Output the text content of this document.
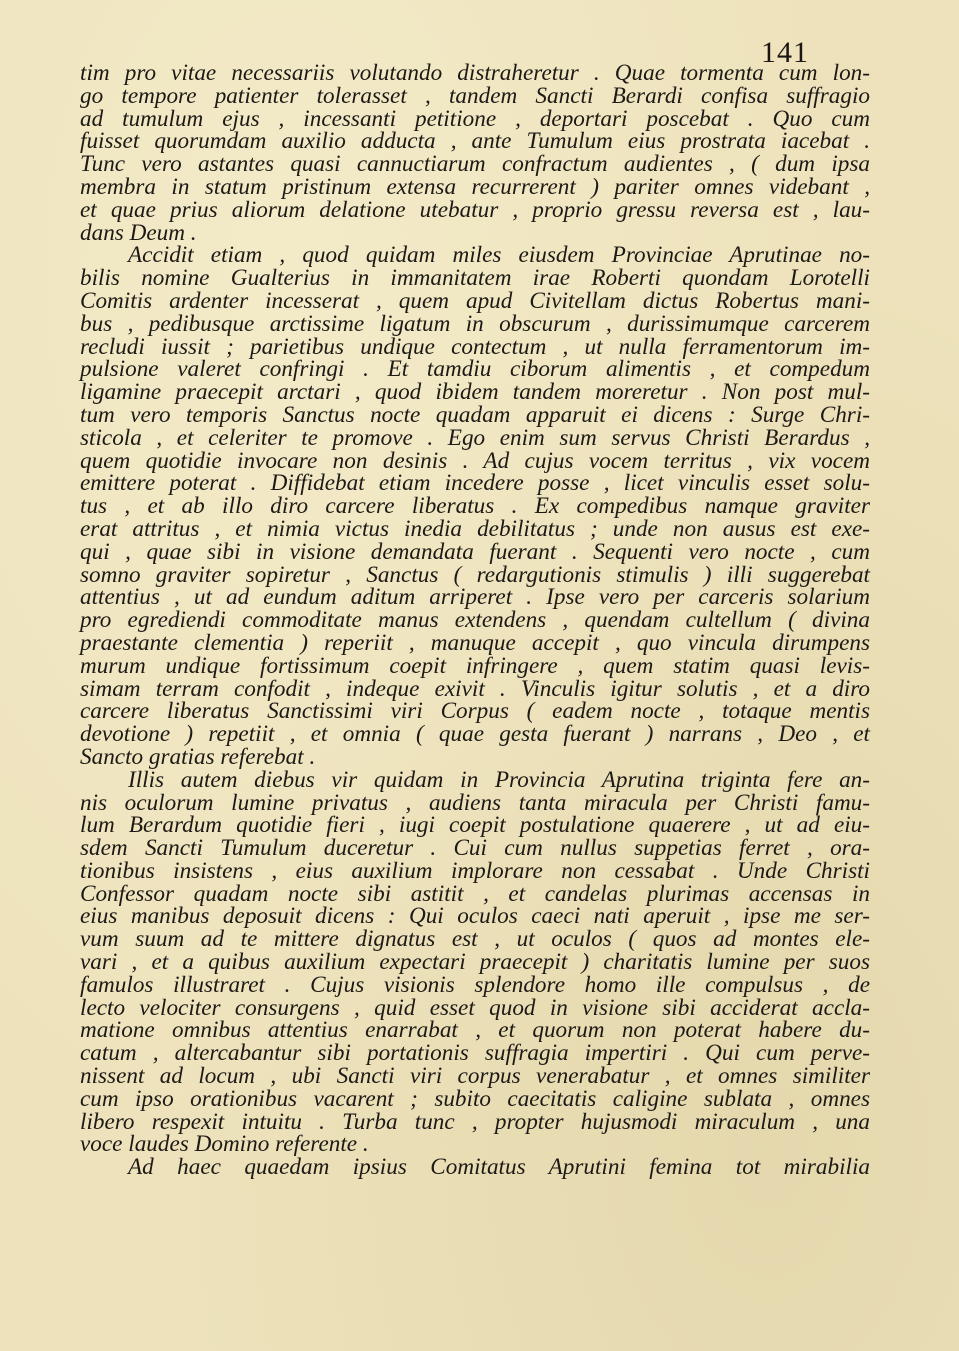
141
tim pro vitae necessariis volutando distraheretur . Quae tormenta cum lon-
go tempore patienter tolerasset , tandem Sancti Berardi confisa suffragio
ad tumulum ejus , incessanti petitione , deportari poscebat . Quo cum
fuisset quorumdam auxilio adducta , ante Tumulum eius prostrata iacebat .
Tunc vero astantes quasi cannuctiarum confractum audientes , ( dum ipsa
membra in statum pristinum extensa recurrerent ) pariter omnes videbant ,
et quae prius aliorum delatione utebatur , proprio gressu reversa est , lau-
dans Deum .
Accidit etiam , quod quidam miles eiusdem Provinciae Aprutinae no-
bilis nomine Gualterius in immanitatem irae Roberti quondam Lorotelli
Comitis ardenter incesserat , quem apud Civitellam dictus Robertus mani-
bus , pedibusque arctissime ligatum in obscurum , durissimumque carcerem
recludi iussit ; parietibus undique contectum , ut nulla ferramentorum im-
pulsione valeret confringi . Et tamdiu ciborum alimentis , et compedum
ligamine praecepit arctari , quod ibidem tandem moreretur . Non post mul-
tum vero temporis Sanctus nocte quadam apparuit ei dicens : Surge Chri-
sticola , et celeriter te promove . Ego enim sum servus Christi Berardus ,
quem quotidie invocare non desinis . Ad cujus vocem territus , vix vocem
emittere poterat . Diffidebat etiam incedere posse , licet vinculis esset solu-
tus , et ab illo diro carcere liberatus . Ex compedibus namque graviter
erat attritus , et nimia victus inedia debilitatus ; unde non ausus est exe-
qui , quae sibi in visione demandata fuerant . Sequenti vero nocte , cum
somno graviter sopiretur , Sanctus ( redargutionis stimulis ) illi suggerebat
attentius , ut ad eundum aditum arriperet . Ipse vero per carceris solarium
pro egrediendi commoditate manus extendens , quendam cultellum ( divina
praestante clementia ) reperiit , manuque accepit , quo vincula dirumpens
murum undique fortissimum coepit infringere , quem statim quasi levis-
simam terram confodit , indeque exivit . Vinculis igitur solutis , et a diro
carcere liberatus Sanctissimi viri Corpus ( eadem nocte , totaque mentis
devotione ) repetiit , et omnia ( quae gesta fuerant ) narrans , Deo , et
Sancto gratias referebat .
Illis autem diebus vir quidam in Provincia Aprutina triginta fere an-
nis oculorum lumine privatus , audiens tanta miracula per Christi famu-
lum Berardum quotidie fieri , iugi coepit postulatione quaerere , ut ad eiu-
sdem Sancti Tumulum duceretur . Cui cum nullus suppetias ferret , ora-
tionibus insistens , eius auxilium implorare non cessabat . Unde Christi
Confessor quadam nocte sibi astitit , et candelas plurimas accensas in
eius manibus deposuit dicens : Qui oculos caeci nati aperuit , ipse me ser-
vum suum ad te mittere dignatus est , ut oculos ( quos ad montes ele-
vari , et a quibus auxilium expectari praecepit ) charitatis lumine per suos
famulos illustraret . Cujus visionis splendore homo ille compulsus , de
lecto velociter consurgens , quid esset quod in visione sibi acciderat accla-
matione omnibus attentius enarrabat , et quorum non poterat habere du-
catum , altercabantur sibi portationis suffragia impertiri . Qui cum perve-
nissent ad locum , ubi Sancti viri corpus venerabatur , et omnes similiter
cum ipso orationibus vacarent ; subito caecitatis caligine sublata , omnes
libero respexit intuitu . Turba tunc , propter hujusmodi miraculum , una
voce laudes Domino referente .
Ad haec quaedam ipsius Comitatus Aprutini femina tot mirabilia
